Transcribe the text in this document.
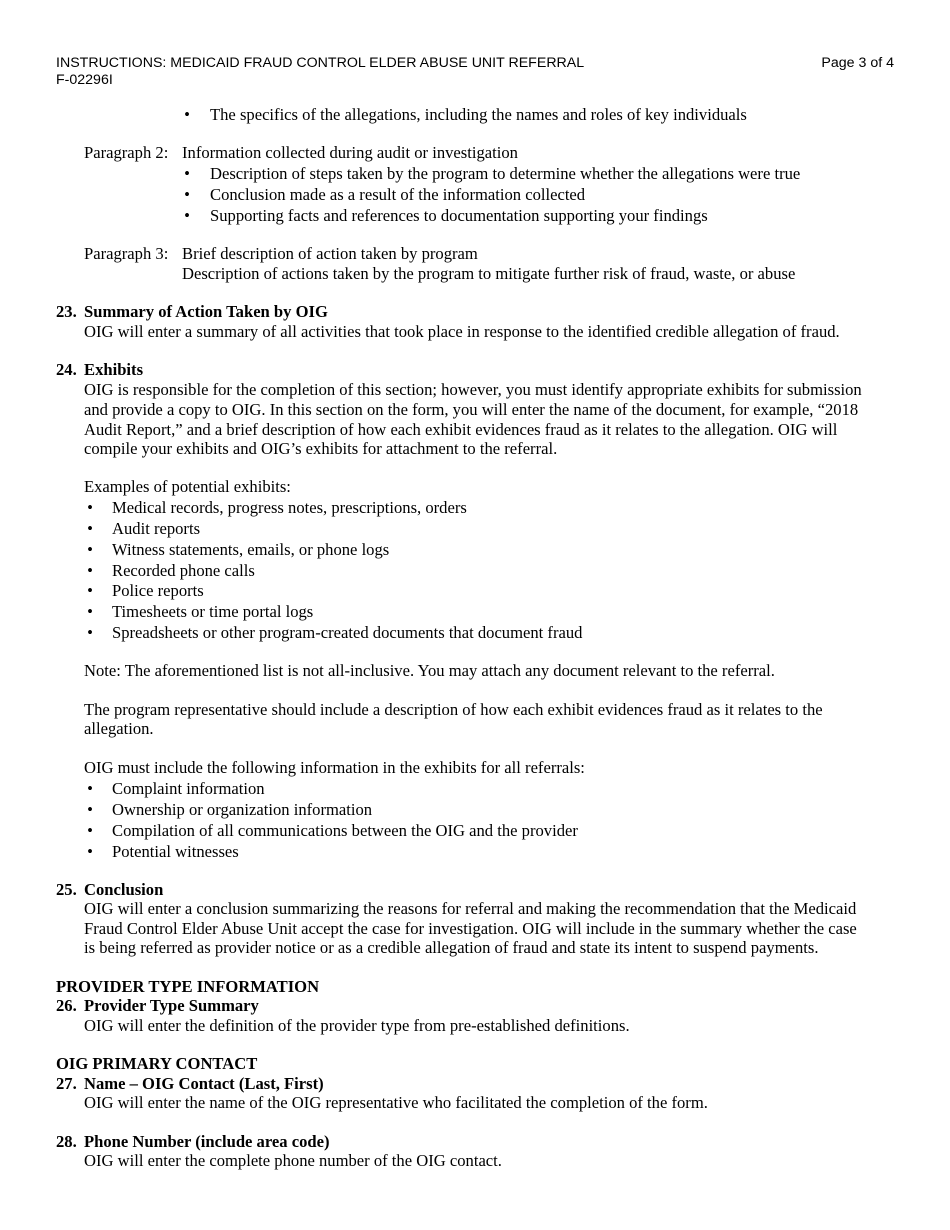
INSTRUCTIONS: MEDICAID FRAUD CONTROL ELDER ABUSE UNIT REFERRAL
F-02296I
Page 3 of 4
• The specifics of the allegations, including the names and roles of key individuals
Paragraph 2: Information collected during audit or investigation
• Description of steps taken by the program to determine whether the allegations were true
• Conclusion made as a result of the information collected
• Supporting facts and references to documentation supporting your findings
Paragraph 3: Brief description of action taken by program
Description of actions taken by the program to mitigate further risk of fraud, waste, or abuse
23. Summary of Action Taken by OIG
OIG will enter a summary of all activities that took place in response to the identified credible allegation of fraud.
24. Exhibits
OIG is responsible for the completion of this section; however, you must identify appropriate exhibits for submission
and provide a copy to OIG. In this section on the form, you will enter the name of the document, for example, “2018
Audit Report,” and a brief description of how each exhibit evidences fraud as it relates to the allegation. OIG will
compile your exhibits and OIG’s exhibits for attachment to the referral.
Examples of potential exhibits:
• Medical records, progress notes, prescriptions, orders
• Audit reports
• Witness statements, emails, or phone logs
• Recorded phone calls
• Police reports
• Timesheets or time portal logs
• Spreadsheets or other program-created documents that document fraud
Note: The aforementioned list is not all-inclusive. You may attach any document relevant to the referral.
The program representative should include a description of how each exhibit evidences fraud as it relates to the
allegation.
OIG must include the following information in the exhibits for all referrals:
• Complaint information
• Ownership or organization information
• Compilation of all communications between the OIG and the provider
• Potential witnesses
25. Conclusion
OIG will enter a conclusion summarizing the reasons for referral and making the recommendation that the Medicaid
Fraud Control Elder Abuse Unit accept the case for investigation. OIG will include in the summary whether the case
is being referred as provider notice or as a credible allegation of fraud and state its intent to suspend payments.
PROVIDER TYPE INFORMATION
26. Provider Type Summary
OIG will enter the definition of the provider type from pre-established definitions.
OIG PRIMARY CONTACT
27. Name – OIG Contact (Last, First)
OIG will enter the name of the OIG representative who facilitated the completion of the form.
28. Phone Number (include area code)
OIG will enter the complete phone number of the OIG contact.
